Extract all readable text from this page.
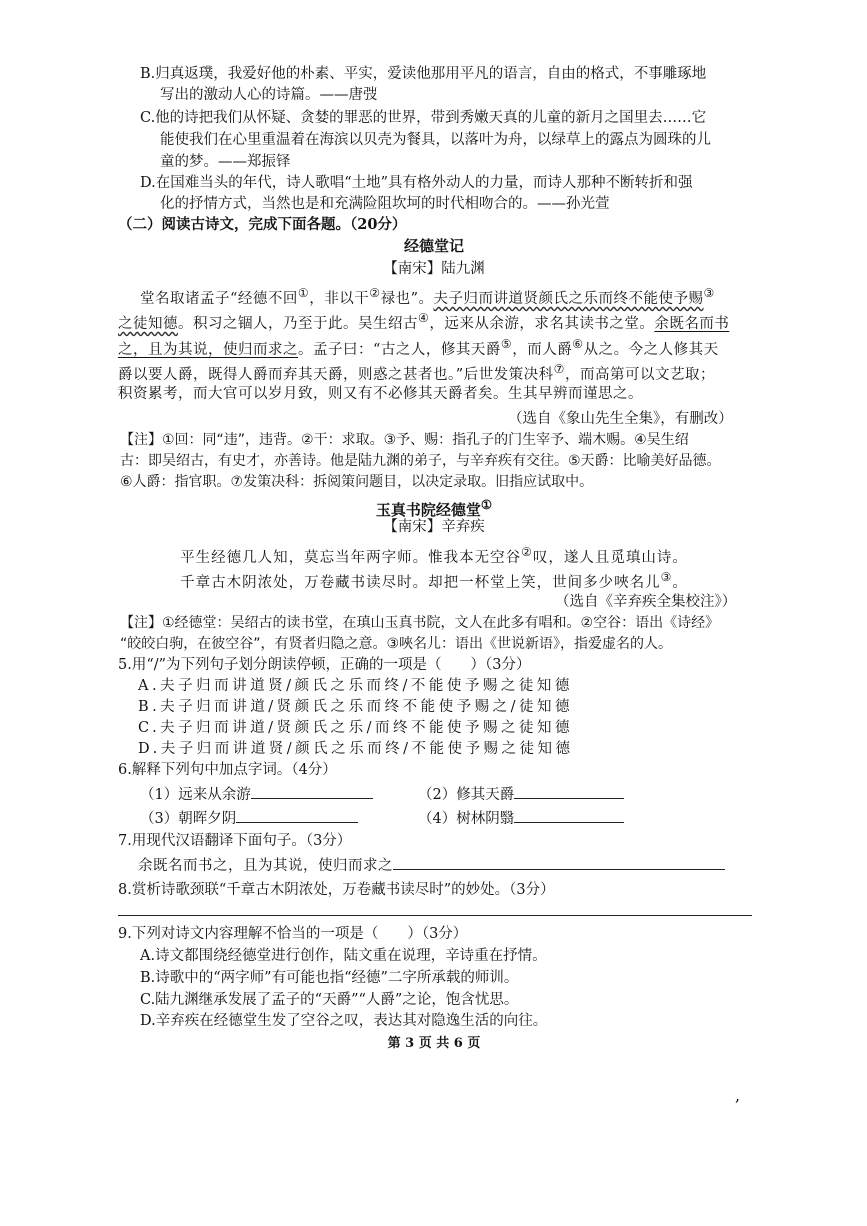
B.归真返璞，我爱好他的朴素、平实，爱读他那用平凡的语言，自由的格式，不事雕琢地
写出的激动人心的诗篇。——唐弢
C.他的诗把我们从怀疑、贪婪的罪恶的世界，带到秀嫩天真的儿童的新月之国里去……它
能使我们在心里重温着在海滨以贝壳为餐具，以落叶为舟，以绿草上的露点为圆珠的儿
童的梦。——郑振铎
D.在国难当头的年代，诗人歌唱“土地”具有格外动人的力量，而诗人那种不断转折和强
化的抒情方式，当然也是和充满险阻坎坷的时代相吻合的。——孙光萱
（二）阅读古诗文，完成下面各题。（20分）
经德堂记
【南宋】陆九渊
堂名取诸孟子“经德不回①，非以干②禄也”。夫子归而讲道贤颜氏之乐而终不能使予赐③
之徒知德。积习之锢人，乃至于此。吴生绍古④，远来从余游，求名其读书之堂。余既名而书
之，且为其说，使归而求之。孟子曰：“古之人，修其天爵⑤，而人爵⑥从之。今之人修其天
爵以要人爵，既得人爵而弃其天爵，则惑之甚者也。”后世发策决科⑦，而高第可以文艺取；
积资累考，而大官可以岁月致，则又有不必修其天爵者矣。生其早辨而谨思之。
（选自《象山先生全集》，有删改）
【注】①回：同“违”，违背。②干：求取。③予、赐：指孔子的门生宰予、端木赐。④吴生绍
古：即吴绍古，有史才，亦善诗。他是陆九渊的弟子，与辛弃疾有交往。⑤天爵：比喻美好品德。
⑥人爵：指官职。⑦发策决科：拆阅策问题目，以决定录取。旧指应试取中。
玉真书院经德堂①
【南宋】辛弃疾
平生经德几人知，莫忘当年两字师。惟我本无空谷②叹，遂人且觅瑱山诗。
千章古木阴浓处，万卷藏书读尽时。却把一杯堂上笑，世间多少唊名儿③。
（选自《辛弃疾全集校注》）
【注】①经德堂：吴绍古的读书堂，在瑱山玉真书院，文人在此多有唱和。②空谷：语出《诗经》
“皎皎白驹，在彼空谷”，有贤者归隐之意。③唊名儿：语出《世说新语》，指爱虚名的人。
5.用“/”为下列句子划分朗读停顿，正确的一项是（　　）（3分）
A.夫子归而讲道贤/颜氏之乐而终/不能使予赐之徒知德
B.夫子归而讲道/贤颜氏之乐而终不能使予赐之/徒知德
C.夫子归而讲道/贤颜氏之乐/而终不能使予赐之徒知德
D.夫子归而讲道贤/颜氏之乐而终/不能使予赐之徒知德
6.解释下列句中加点字词。（4分）
（1）远来从余游	（2）修其天爵
（3）朝晖夕阴	（4）树林阴翳
7.用现代汉语翻译下面句子。（3分）
余既名而书之，且为其说，使归而求之
8.赏析诗歌颈联“千章古木阴浓处，万卷藏书读尽时”的妙处。（3分）
9.下列对诗文内容理解不恰当的一项是（　　）（3分）
A.诗文都围绕经德堂进行创作，陆文重在说理，辛诗重在抒情。
B.诗歌中的“两字师”有可能也指“经德”二字所承载的师训。
C.陆九渊继承发展了孟子的“天爵”“人爵”之论，饱含忧思。
D.辛弃疾在经德堂生发了空谷之叹，表达其对隐逸生活的向往。
第 3 页 共 6 页
,
